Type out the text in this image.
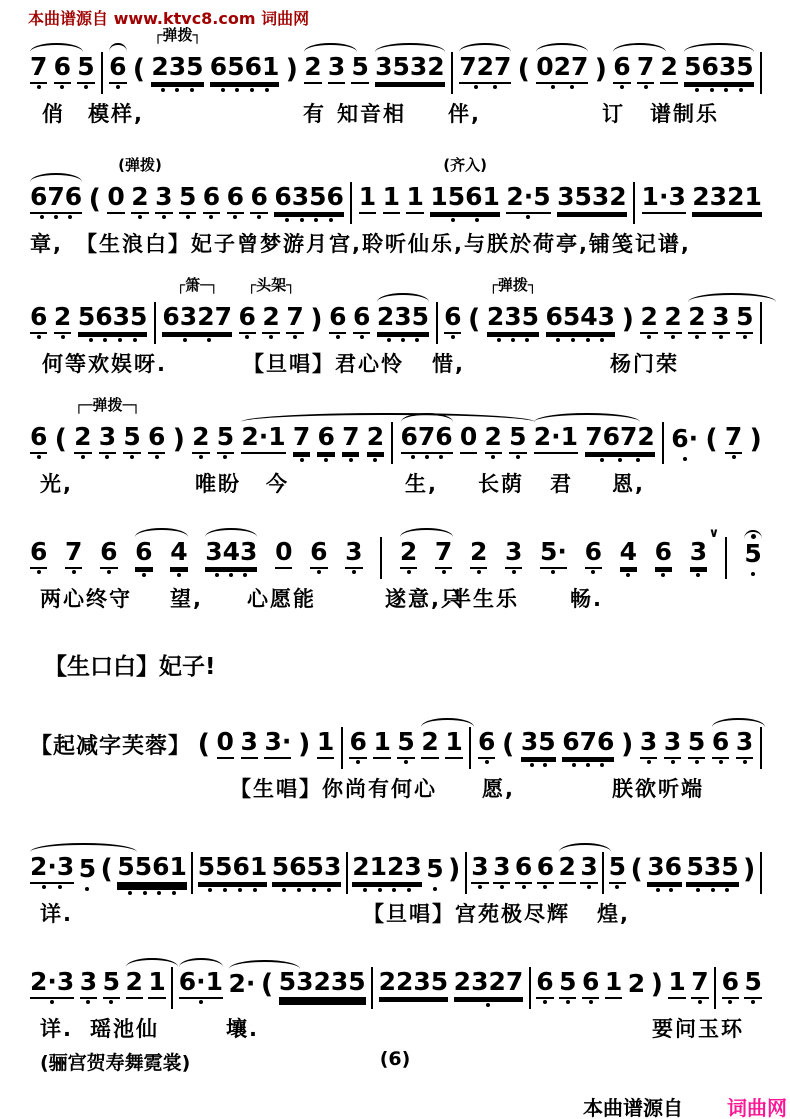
本曲谱源自 www.ktvc8.com 词曲网
7 6 5 6 ( 235
┌弹拨┐
6561 ) 2 3 5 3532 727 ( 027 ) 6 7 2 5635
俏 模样,	有 知音相 伴,	订 谱制乐
676 ( 0 2
(弹拨)
3 5 6 6 6 6356 1 1 1 1561
(齐入)
2·5 3532 1·3 2321
章, 【生浪白】妃子曾梦游月宫,聆听仙乐,与朕於荷亭,铺笺记谱,
6 2 5635 6327
┌箫─┐
6 2
┌头架┐
7 ) 6 6 235 6 ( 235
┌弹拨┐
6543 ) 2 2 2 3 5
何等欢娱呀.	【旦唱】君心怜 惜,	杨门荣
6 ( 2 3
┌─弹拨─┐
5 6 ) 2 5 2·1 7 6 7 2 676 0 2 5 2·1 7672 6· ( 7 )
光,	唯盼 今	生, 长荫 君 恩,
6 7 6 6 4 343 0 6 3 2 7 2 3 5· 6 4 6 3
∨
5
两心终守 望, 心愿能	遂意,只
半生乐 畅.
【起减字芙蓉】 ( 0 3 3· ) 1 6 1 5 2 1 6 ( 35 676 ) 3 3 5 6 3
【生唱】你尚有何心 愿,	朕欲听端
2·3 5 ( 5561 5561 5653 2123 5 ) 3 3 6 6 2 3 5 ( 36 535 )
详.	【旦唱】宫苑极尽辉 煌,
2·3 3 5 2 1 6·1 2· ( 53235 2235 2327 6 5 6 1 2 ) 1 7 6 5
详. 瑶池仙	壤.	要问玉环
【生口白】妃子!
(骊宫贺寿舞霓裳)	(6)
本曲谱源自 词曲网
